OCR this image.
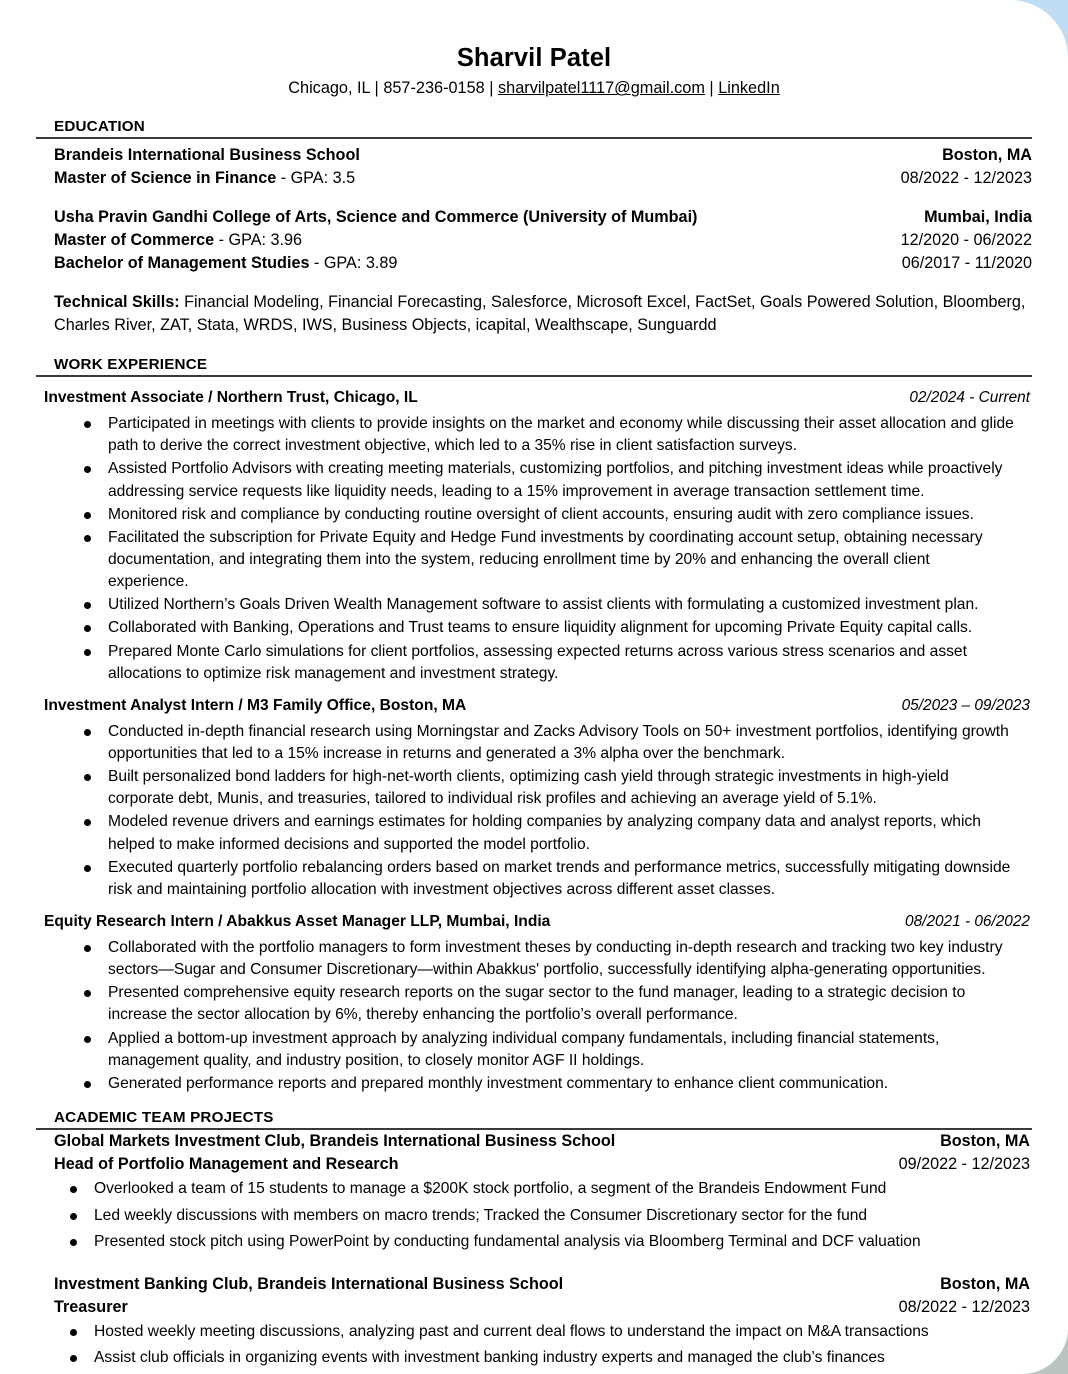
Sharvil Patel
Chicago, IL | 857-236-0158 | sharvilpatel1117@gmail.com | LinkedIn
EDUCATION
Brandeis International Business School	Boston, MA
Master of Science in Finance - GPA: 3.5	08/2022 - 12/2023
Usha Pravin Gandhi College of Arts, Science and Commerce (University of Mumbai)	Mumbai, India
Master of Commerce - GPA: 3.96	12/2020 - 06/2022
Bachelor of Management Studies - GPA: 3.89	06/2017 - 11/2020
Technical Skills: Financial Modeling, Financial Forecasting, Salesforce, Microsoft Excel, FactSet, Goals Powered Solution, Bloomberg, Charles River, ZAT, Stata, WRDS, IWS, Business Objects, icapital, Wealthscape, Sunguardd
WORK EXPERIENCE
Investment Associate / Northern Trust, Chicago, IL	02/2024 - Current
Participated in meetings with clients to provide insights on the market and economy while discussing their asset allocation and glide path to derive the correct investment objective, which led to a 35% rise in client satisfaction surveys.
Assisted Portfolio Advisors with creating meeting materials, customizing portfolios, and pitching investment ideas while proactively addressing service requests like liquidity needs, leading to a 15% improvement in average transaction settlement time.
Monitored risk and compliance by conducting routine oversight of client accounts, ensuring audit with zero compliance issues.
Facilitated the subscription for Private Equity and Hedge Fund investments by coordinating account setup, obtaining necessary documentation, and integrating them into the system, reducing enrollment time by 20% and enhancing the overall client experience.
Utilized Northern’s Goals Driven Wealth Management software to assist clients with formulating a customized investment plan.
Collaborated with Banking, Operations and Trust teams to ensure liquidity alignment for upcoming Private Equity capital calls.
Prepared Monte Carlo simulations for client portfolios, assessing expected returns across various stress scenarios and asset allocations to optimize risk management and investment strategy.
Investment Analyst Intern / M3 Family Office, Boston, MA	05/2023 – 09/2023
Conducted in-depth financial research using Morningstar and Zacks Advisory Tools on 50+ investment portfolios, identifying growth opportunities that led to a 15% increase in returns and generated a 3% alpha over the benchmark.
Built personalized bond ladders for high-net-worth clients, optimizing cash yield through strategic investments in high-yield corporate debt, Munis, and treasuries, tailored to individual risk profiles and achieving an average yield of 5.1%.
Modeled revenue drivers and earnings estimates for holding companies by analyzing company data and analyst reports, which helped to make informed decisions and supported the model portfolio.
Executed quarterly portfolio rebalancing orders based on market trends and performance metrics, successfully mitigating downside risk and maintaining portfolio allocation with investment objectives across different asset classes.
Equity Research Intern / Abakkus Asset Manager LLP, Mumbai, India	08/2021 - 06/2022
Collaborated with the portfolio managers to form investment theses by conducting in-depth research and tracking two key industry sectors—Sugar and Consumer Discretionary—within Abakkus' portfolio, successfully identifying alpha-generating opportunities.
Presented comprehensive equity research reports on the sugar sector to the fund manager, leading to a strategic decision to increase the sector allocation by 6%, thereby enhancing the portfolio’s overall performance.
Applied a bottom-up investment approach by analyzing individual company fundamentals, including financial statements, management quality, and industry position, to closely monitor AGF II holdings.
Generated performance reports and prepared monthly investment commentary to enhance client communication.
ACADEMIC TEAM PROJECTS
Global Markets Investment Club, Brandeis International Business School	Boston, MA
Head of Portfolio Management and Research	09/2022 - 12/2023
Overlooked a team of 15 students to manage a $200K stock portfolio, a segment of the Brandeis Endowment Fund
Led weekly discussions with members on macro trends; Tracked the Consumer Discretionary sector for the fund
Presented stock pitch using PowerPoint by conducting fundamental analysis via Bloomberg Terminal and DCF valuation
Investment Banking Club, Brandeis International Business School	Boston, MA
Treasurer	08/2022 - 12/2023
Hosted weekly meeting discussions, analyzing past and current deal flows to understand the impact on M&A transactions
Assist club officials in organizing events with investment banking industry experts and managed the club’s finances
